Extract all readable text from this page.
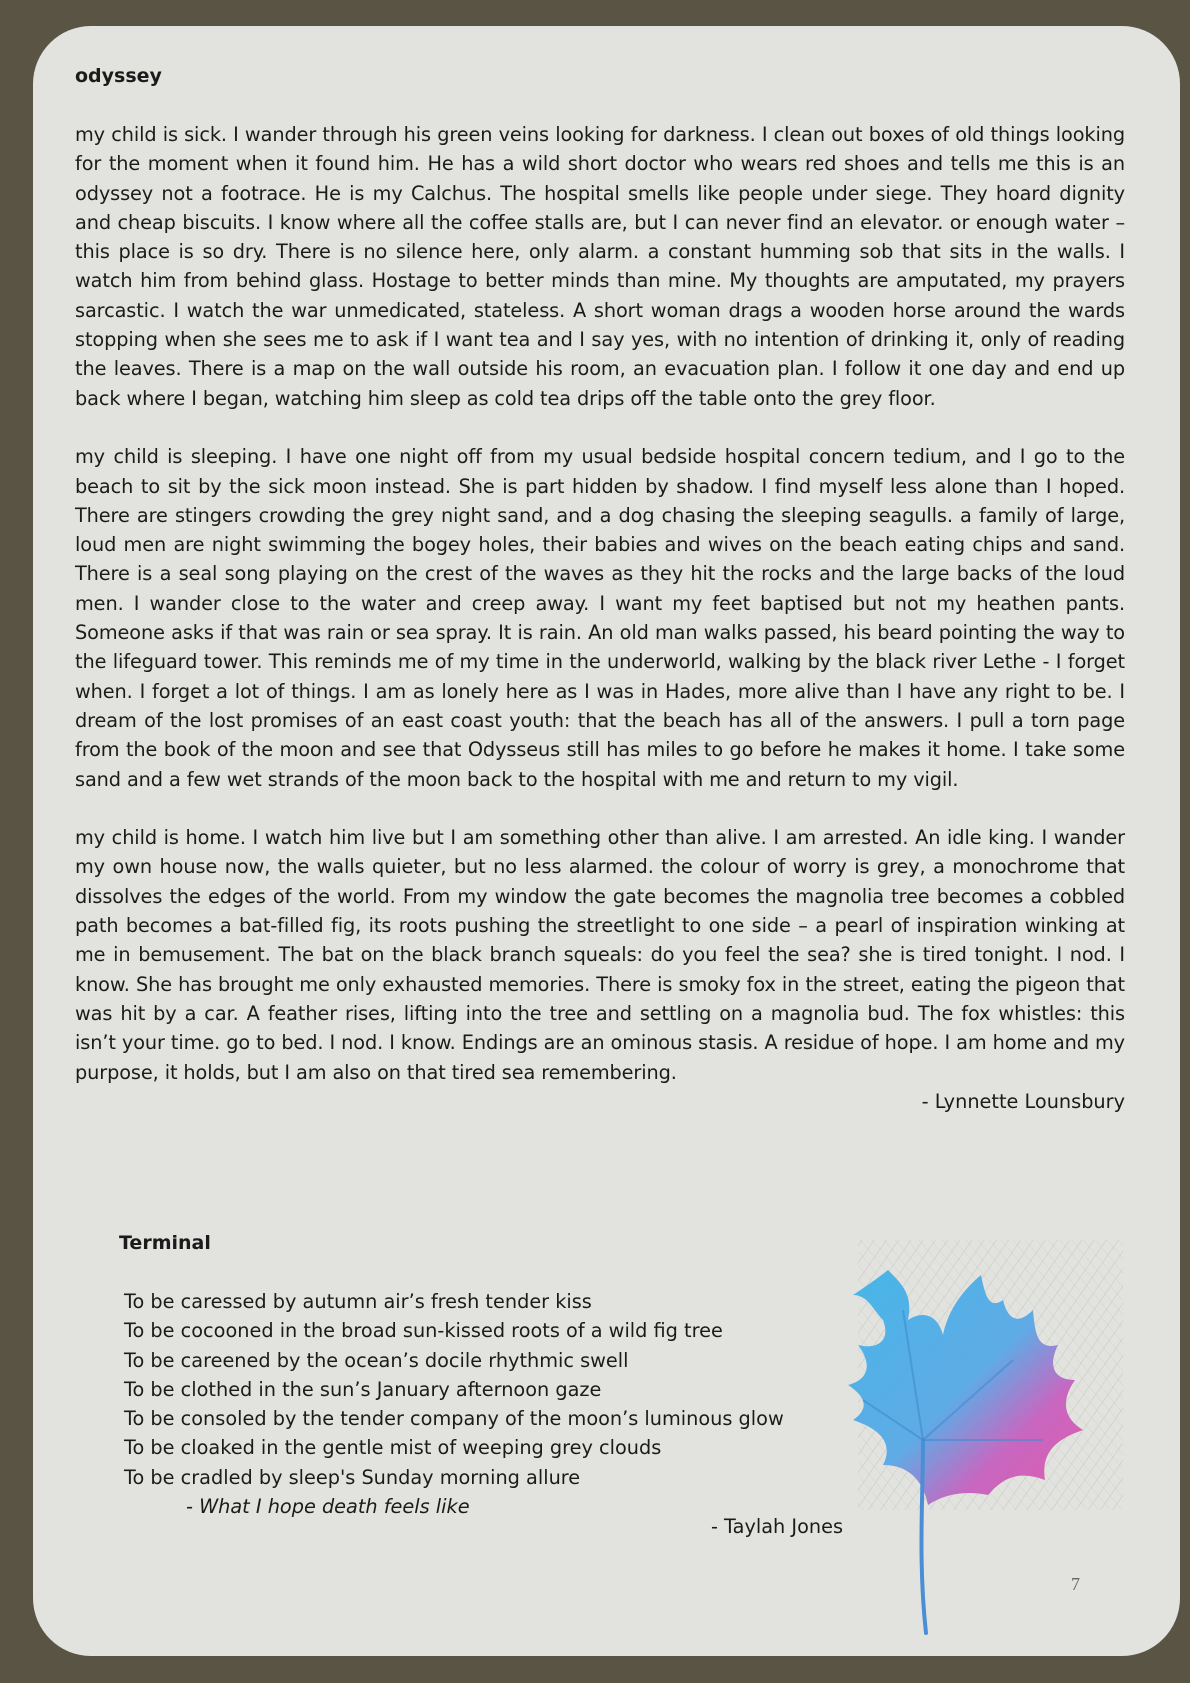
odyssey

my child is sick. I wander through his green veins looking for darkness. I clean out boxes of old things looking for the moment when it found him. He has a wild short doctor who wears red shoes and tells me this is an odyssey not a footrace. He is my Calchus. The hospital smells like people under siege. They hoard dignity and cheap biscuits. I know where all the coffee stalls are, but I can never find an elevator. or enough water – this place is so dry. There is no silence here, only alarm. a constant humming sob that sits in the walls. I watch him from behind glass. Hostage to better minds than mine. My thoughts are amputated, my prayers sarcastic. I watch the war unmedicated, stateless. A short woman drags a wooden horse around the wards stopping when she sees me to ask if I want tea and I say yes, with no intention of drinking it, only of reading the leaves. There is a map on the wall outside his room, an evacuation plan. I follow it one day and end up back where I began, watching him sleep as cold tea drips off the table onto the grey floor.

my child is sleeping. I have one night off from my usual bedside hospital concern tedium, and I go to the beach to sit by the sick moon instead. She is part hidden by shadow. I find myself less alone than I hoped. There are stingers crowding the grey night sand, and a dog chasing the sleeping seagulls. a family of large, loud men are night swimming the bogey holes, their babies and wives on the beach eating chips and sand. There is a seal song playing on the crest of the waves as they hit the rocks and the large backs of the loud men. I wander close to the water and creep away. I want my feet baptised but not my heathen pants. Someone asks if that was rain or sea spray. It is rain. An old man walks passed, his beard pointing the way to the lifeguard tower. This reminds me of my time in the underworld, walking by the black river Lethe - I forget when. I forget a lot of things. I am as lonely here as I was in Hades, more alive than I have any right to be. I dream of the lost promises of an east coast youth: that the beach has all of the answers. I pull a torn page from the book of the moon and see that Odysseus still has miles to go before he makes it home. I take some sand and a few wet strands of the moon back to the hospital with me and return to my vigil.

my child is home. I watch him live but I am something other than alive. I am arrested. An idle king. I wander my own house now, the walls quieter, but no less alarmed. the colour of worry is grey, a monochrome that dissolves the edges of the world. From my window the gate becomes the magnolia tree becomes a cobbled path becomes a bat-filled fig, its roots pushing the streetlight to one side – a pearl of inspiration winking at me in bemusement. The bat on the black branch squeals: do you feel the sea? she is tired tonight. I nod. I know. She has brought me only exhausted memories. There is smoky fox in the street, eating the pigeon that was hit by a car. A feather rises, lifting into the tree and settling on a magnolia bud. The fox whistles: this isn’t your time. go to bed. I nod. I know. Endings are an ominous stasis. A residue of hope. I am home and my purpose, it holds, but I am also on that tired sea remembering.

- Lynnette Lounsbury

Terminal

To be caressed by autumn air’s fresh tender kiss

To be cocooned in the broad sun-kissed roots of a wild fig tree

To be careened by the ocean’s docile rhythmic swell

To be clothed in the sun’s January afternoon gaze

To be consoled by the tender company of the moon’s luminous glow

To be cloaked in the gentle mist of weeping grey clouds

To be cradled by sleep's Sunday morning allure

- What I hope death feels like

- Taylah Jones

7
